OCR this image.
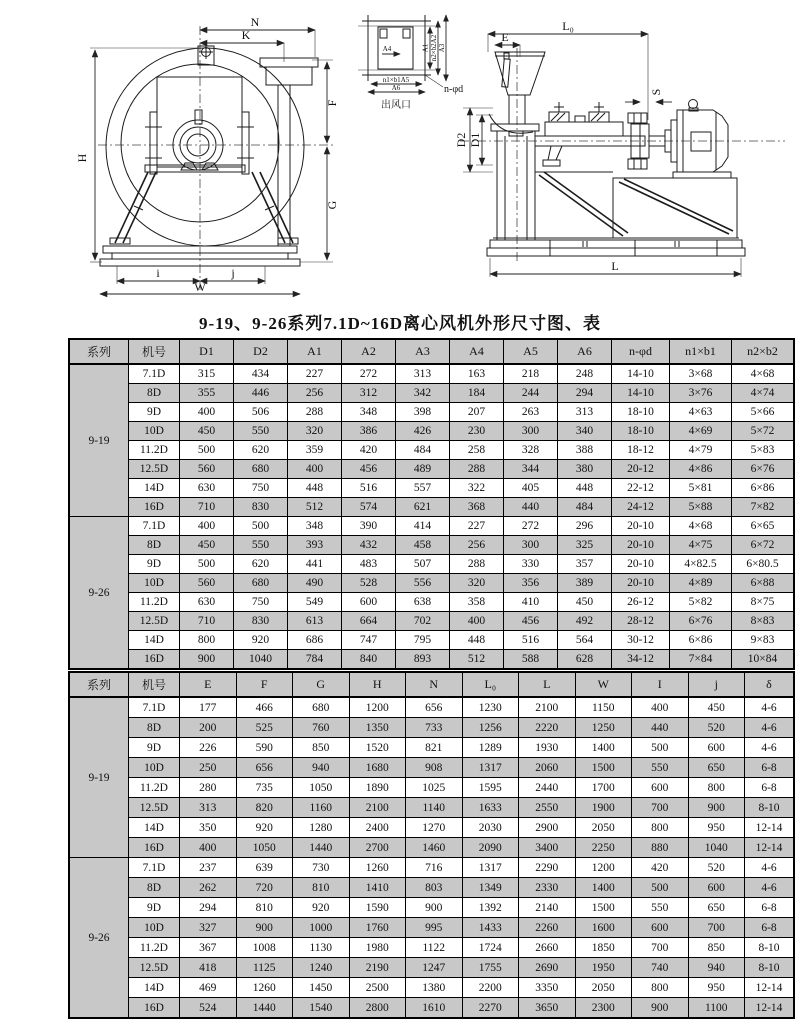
H
N
K
F
G
i	j
W
A4	A1 n2×b2A2
A3
n1×b1A5
A6	n-φd
出风口
L₀
E
D2 D1
S
L
9-19、9-26系列7.1D~16D离心风机外形尺寸图、表
系列	机号	D1	D2	A1	A2	A3	A4	A5	A6	n-φd	n1×b1	n2×b2
9-19	7.1D	315	434	227	272	313	163	218	248	14-10	3×68	4×68
	8D	355	446	256	312	342	184	244	294	14-10	3×76	4×74
	9D	400	506	288	348	398	207	263	313	18-10	4×63	5×66
	10D	450	550	320	386	426	230	300	340	18-10	4×69	5×72
	11.2D	500	620	359	420	484	258	328	388	18-12	4×79	5×83
	12.5D	560	680	400	456	489	288	344	380	20-12	4×86	6×76
	14D	630	750	448	516	557	322	405	448	22-12	5×81	6×86
	16D	710	830	512	574	621	368	440	484	24-12	5×88	7×82
9-26	7.1D	400	500	348	390	414	227	272	296	20-10	4×68	6×65
	8D	450	550	393	432	458	256	300	325	20-10	4×75	6×72
	9D	500	620	441	483	507	288	330	357	20-10	4×82.5	6×80.5
	10D	560	680	490	528	556	320	356	389	20-10	4×89	6×88
	11.2D	630	750	549	600	638	358	410	450	26-12	5×82	8×75
	12.5D	710	830	613	664	702	400	456	492	28-12	6×76	8×83
	14D	800	920	686	747	795	448	516	564	30-12	6×86	9×83
	16D	900	1040	784	840	893	512	588	628	34-12	7×84	10×84
系列	机号	E	F	G	H	N	L₀	L	W	I	j	δ
9-19	7.1D	177	466	680	1200	656	1230	2100	1150	400	450	4-6
	8D	200	525	760	1350	733	1256	2220	1250	440	520	4-6
	9D	226	590	850	1520	821	1289	1930	1400	500	600	4-6
	10D	250	656	940	1680	908	1317	2060	1500	550	650	6-8
	11.2D	280	735	1050	1890	1025	1595	2440	1700	600	800	6-8
	12.5D	313	820	1160	2100	1140	1633	2550	1900	700	900	8-10
	14D	350	920	1280	2400	1270	2030	2900	2050	800	950	12-14
	16D	400	1050	1440	2700	1460	2090	3400	2250	880	1040	12-14
9-26	7.1D	237	639	730	1260	716	1317	2290	1200	420	520	4-6
	8D	262	720	810	1410	803	1349	2330	1400	500	600	4-6
	9D	294	810	920	1590	900	1392	2140	1500	550	650	6-8
	10D	327	900	1000	1760	995	1433	2260	1600	600	700	6-8
	11.2D	367	1008	1130	1980	1122	1724	2660	1850	700	850	8-10
	12.5D	418	1125	1240	2190	1247	1755	2690	1950	740	940	8-10
	14D	469	1260	1450	2500	1380	2200	3350	2050	800	950	12-14
	16D	524	1440	1540	2800	1610	2270	3650	2300	900	1100	12-14
